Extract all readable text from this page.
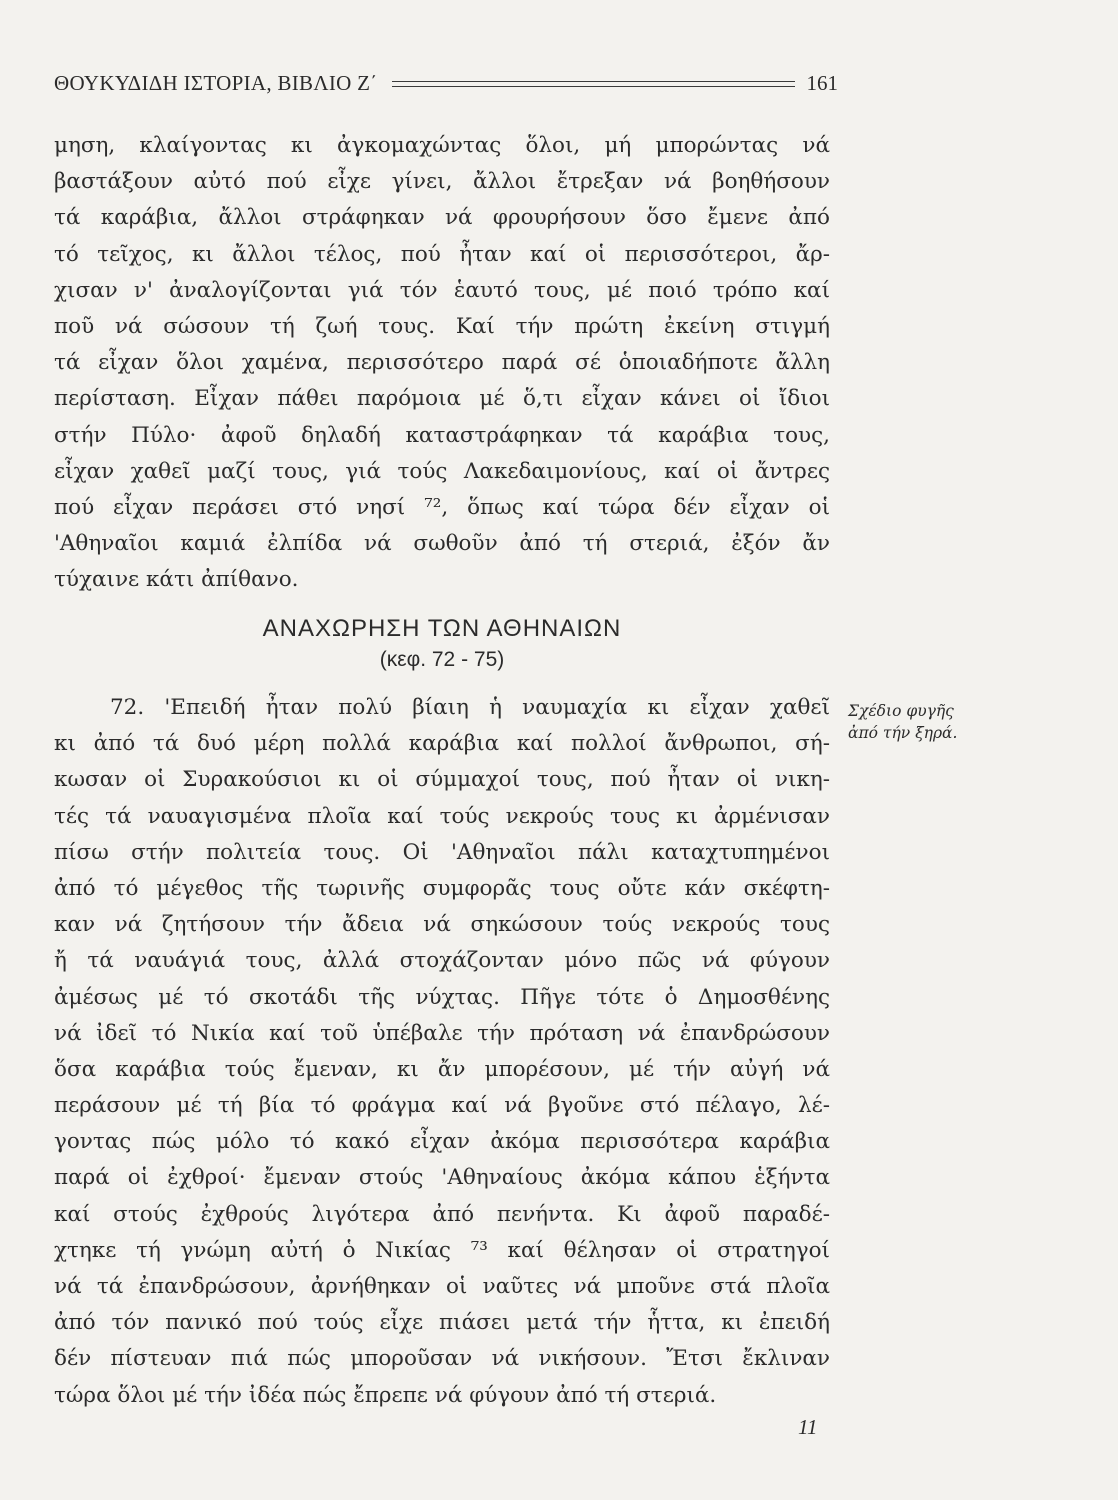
ΘΟΥΚΥΔΙΔΗ ΙΣΤΟΡΙΑ, ΒΙΒΛΙΟ Ζ΄	161
μηση, κλαίγοντας κι ἀγκομαχώντας ὅλοι, μή μπορώντας νά
βαστάξουν αὐτό πού εἶχε γίνει, ἄλλοι ἔτρεξαν νά βοηθήσουν
τά καράβια, ἄλλοι στράφηκαν νά φρουρήσουν ὅσο ἔμενε ἀπό
τό τεῖχος, κι ἄλλοι τέλος, πού ἦταν καί οἱ περισσότεροι, ἄρ-
χισαν ν' ἀναλογίζονται γιά τόν ἑαυτό τους, μέ ποιό τρόπο καί
ποῦ νά σώσουν τή ζωή τους. Καί τήν πρώτη ἐκείνη στιγμή
τά εἶχαν ὅλοι χαμένα, περισσότερο παρά σέ ὁποιαδήποτε ἄλλη
περίσταση. Εἶχαν πάθει παρόμοια μέ ὅ,τι εἶχαν κάνει οἱ ἴδιοι
στήν Πύλο· ἀφοῦ δηλαδή καταστράφηκαν τά καράβια τους,
εἶχαν χαθεῖ μαζί τους, γιά τούς Λακεδαιμονίους, καί οἱ ἄντρες
πού εἶχαν περάσει στό νησί ⁷², ὅπως καί τώρα δέν εἶχαν οἱ
'Αθηναῖοι καμιά ἐλπίδα νά σωθοῦν ἀπό τή στεριά, ἐξόν ἄν
τύχαινε κάτι ἀπίθανο.
ΑΝΑΧΩΡΗΣΗ ΤΩΝ ΑΘΗΝΑΙΩΝ
(κεφ. 72 - 75)
72. 'Επειδή ἦταν πολύ βίαιη ἡ ναυμαχία κι εἶχαν χαθεῖ
κι ἀπό τά δυό μέρη πολλά καράβια καί πολλοί ἄνθρωποι, σή-
κωσαν οἱ Συρακούσιοι κι οἱ σύμμαχοί τους, πού ἦταν οἱ νικη-
τές τά ναυαγισμένα πλοῖα καί τούς νεκρούς τους κι ἀρμένισαν
πίσω στήν πολιτεία τους. Οἱ 'Αθηναῖοι πάλι καταχτυπημένοι
ἀπό τό μέγεθος τῆς τωρινῆς συμφορᾶς τους οὔτε κάν σκέφτη-
καν νά ζητήσουν τήν ἄδεια νά σηκώσουν τούς νεκρούς τους
ἤ τά ναυάγιά τους, ἀλλά στοχάζονταν μόνο πῶς νά φύγουν
ἀμέσως μέ τό σκοτάδι τῆς νύχτας. Πῆγε τότε ὁ Δημοσθένης
νά ἰδεῖ τό Νικία καί τοῦ ὑπέβαλε τήν πρόταση νά ἐπανδρώσουν
ὅσα καράβια τούς ἔμεναν, κι ἄν μπορέσουν, μέ τήν αὐγή νά
περάσουν μέ τή βία τό φράγμα καί νά βγοῦνε στό πέλαγο, λέ-
γοντας πώς μόλο τό κακό εἶχαν ἀκόμα περισσότερα καράβια
παρά οἱ ἐχθροί· ἔμεναν στούς 'Αθηναίους ἀκόμα κάπου ἑξήντα
καί στούς ἐχθρούς λιγότερα ἀπό πενήντα. Κι ἀφοῦ παραδέ-
χτηκε τή γνώμη αὐτή ὁ Νικίας ⁷³ καί θέλησαν οἱ στρατηγοί
νά τά ἐπανδρώσουν, ἀρνήθηκαν οἱ ναῦτες νά μποῦνε στά πλοῖα
ἀπό τόν πανικό πού τούς εἶχε πιάσει μετά τήν ἧττα, κι ἐπειδή
δέν πίστευαν πιά πώς μποροῦσαν νά νικήσουν. Ἔτσι ἔκλιναν
τώρα ὅλοι μέ τήν ἰδέα πώς ἔπρεπε νά φύγουν ἀπό τή στεριά.
Σχέδιο φυγῆς
ἀπό τήν ξηρά.
11
